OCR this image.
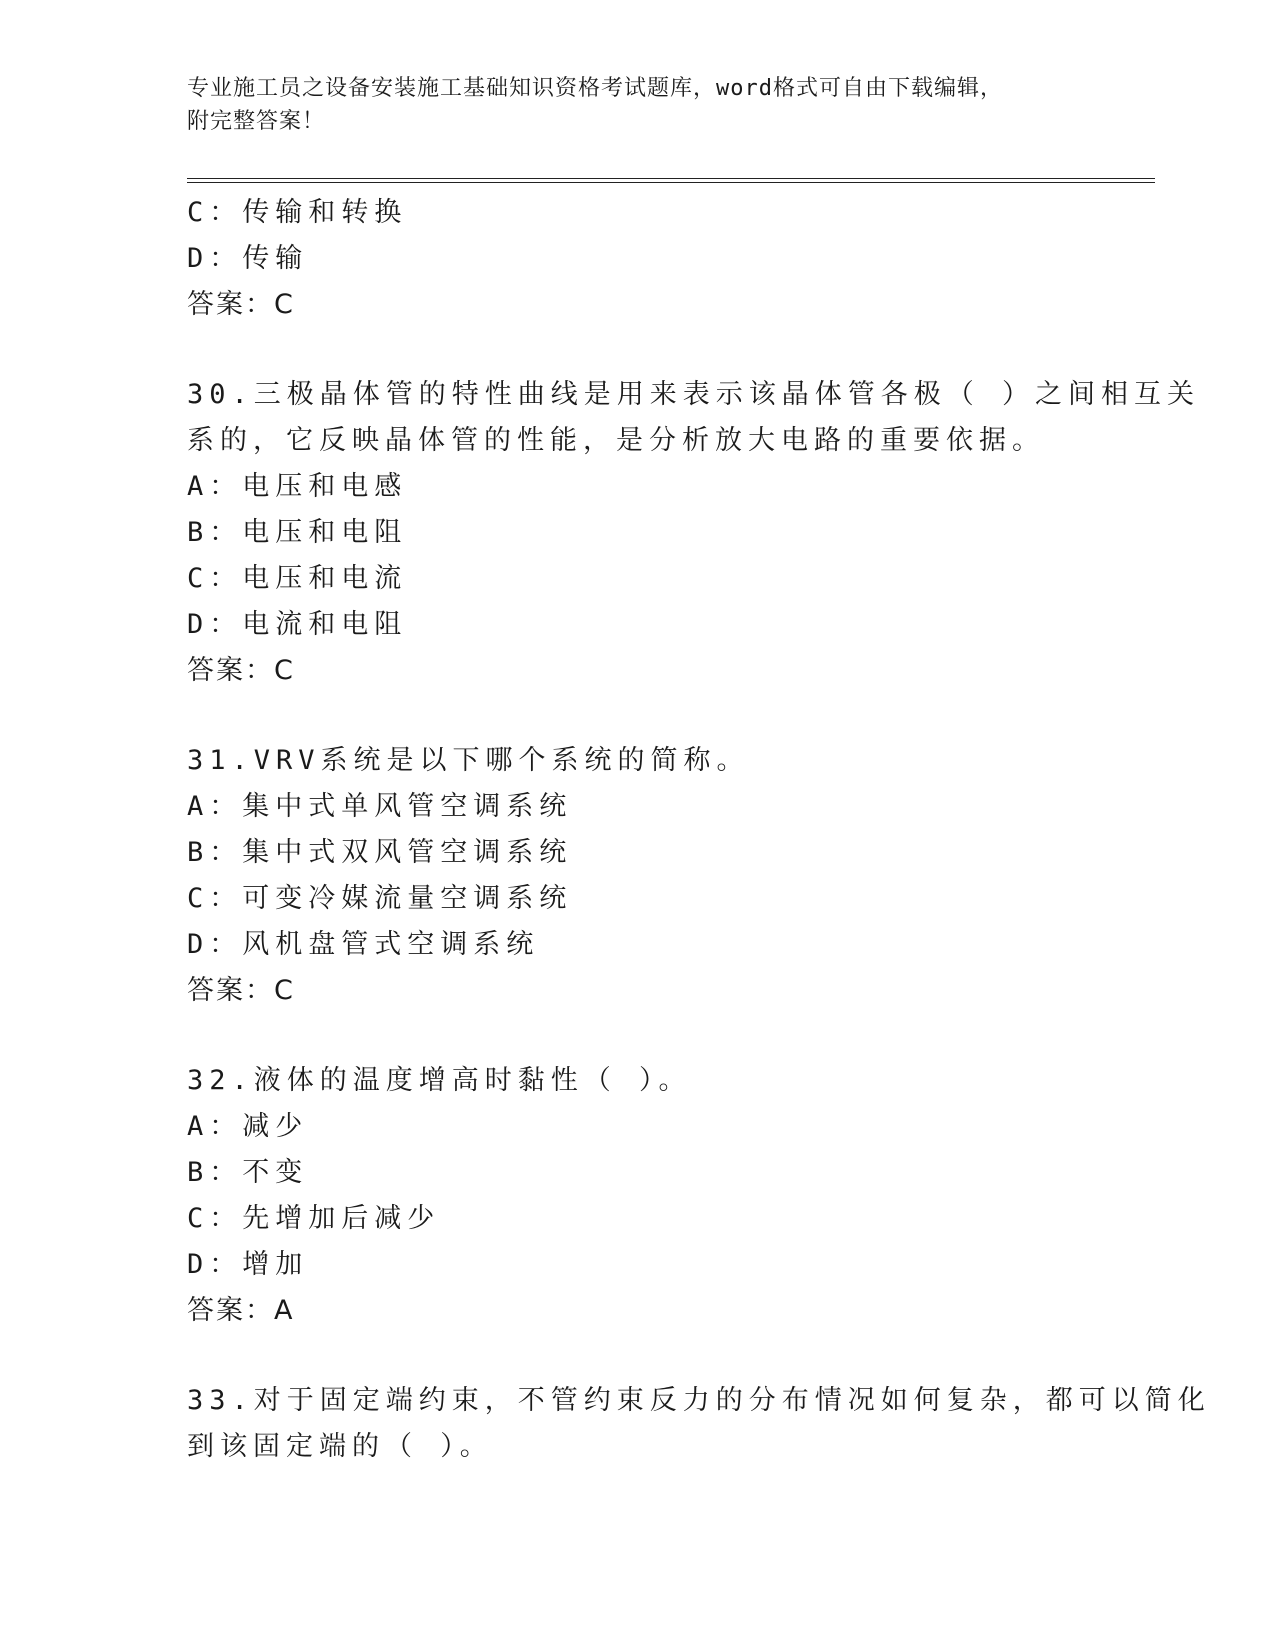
专业施工员之设备安装施工基础知识资格考试题库，word格式可自由下载编辑，
附完整答案！
C：传输和转换
D：传输
答案：C
30.三极晶体管的特性曲线是用来表示该晶体管各极（ ）之间相互关
系的，它反映晶体管的性能，是分析放大电路的重要依据。
A：电压和电感
B：电压和电阻
C：电压和电流
D：电流和电阻
答案：C
31.VRV系统是以下哪个系统的简称。
A：集中式单风管空调系统
B：集中式双风管空调系统
C：可变冷媒流量空调系统
D：风机盘管式空调系统
答案：C
32.液体的温度增高时黏性（ ）。
A：减少
B：不变
C：先增加后减少
D：增加
答案：A
33.对于固定端约束，不管约束反力的分布情况如何复杂，都可以简化
到该固定端的（ ）。
